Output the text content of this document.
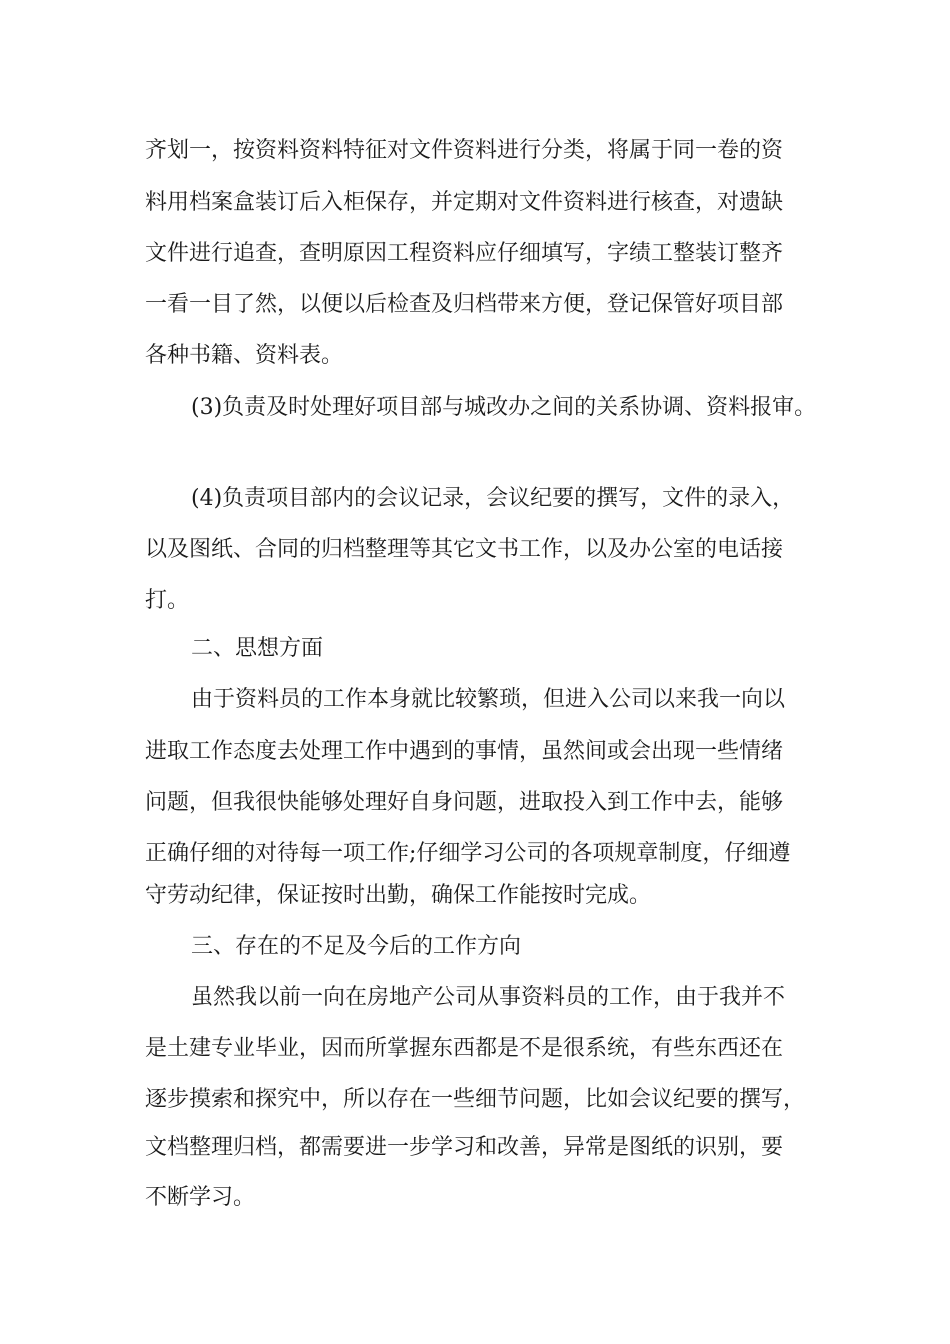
齐划一，按资料资料特征对文件资料进行分类，将属于同一卷的资

料用档案盒装订后入柜保存，并定期对文件资料进行核查，对遗缺

文件进行追查，查明原因工程资料应仔细填写，字绩工整装订整齐

一看一目了然，以便以后检查及归档带来方便，登记保管好项目部

各种书籍、资料表。

(3)负责及时处理好项目部与城改办之间的关系协调、资料报审。

(4)负责项目部内的会议记录，会议纪要的撰写，文件的录入，

以及图纸、合同的归档整理等其它文书工作，以及办公室的电话接

打。

二、思想方面

由于资料员的工作本身就比较繁琐，但进入公司以来我一向以

进取工作态度去处理工作中遇到的事情，虽然间或会出现一些情绪

问题，但我很快能够处理好自身问题，进取投入到工作中去，能够

正确仔细的对待每一项工作;仔细学习公司的各项规章制度，仔细遵

守劳动纪律，保证按时出勤，确保工作能按时完成。

三、存在的不足及今后的工作方向

虽然我以前一向在房地产公司从事资料员的工作，由于我并不

是土建专业毕业，因而所掌握东西都是不是很系统，有些东西还在

逐步摸索和探究中，所以存在一些细节问题，比如会议纪要的撰写，

文档整理归档，都需要进一步学习和改善，异常是图纸的识别，要

不断学习。
